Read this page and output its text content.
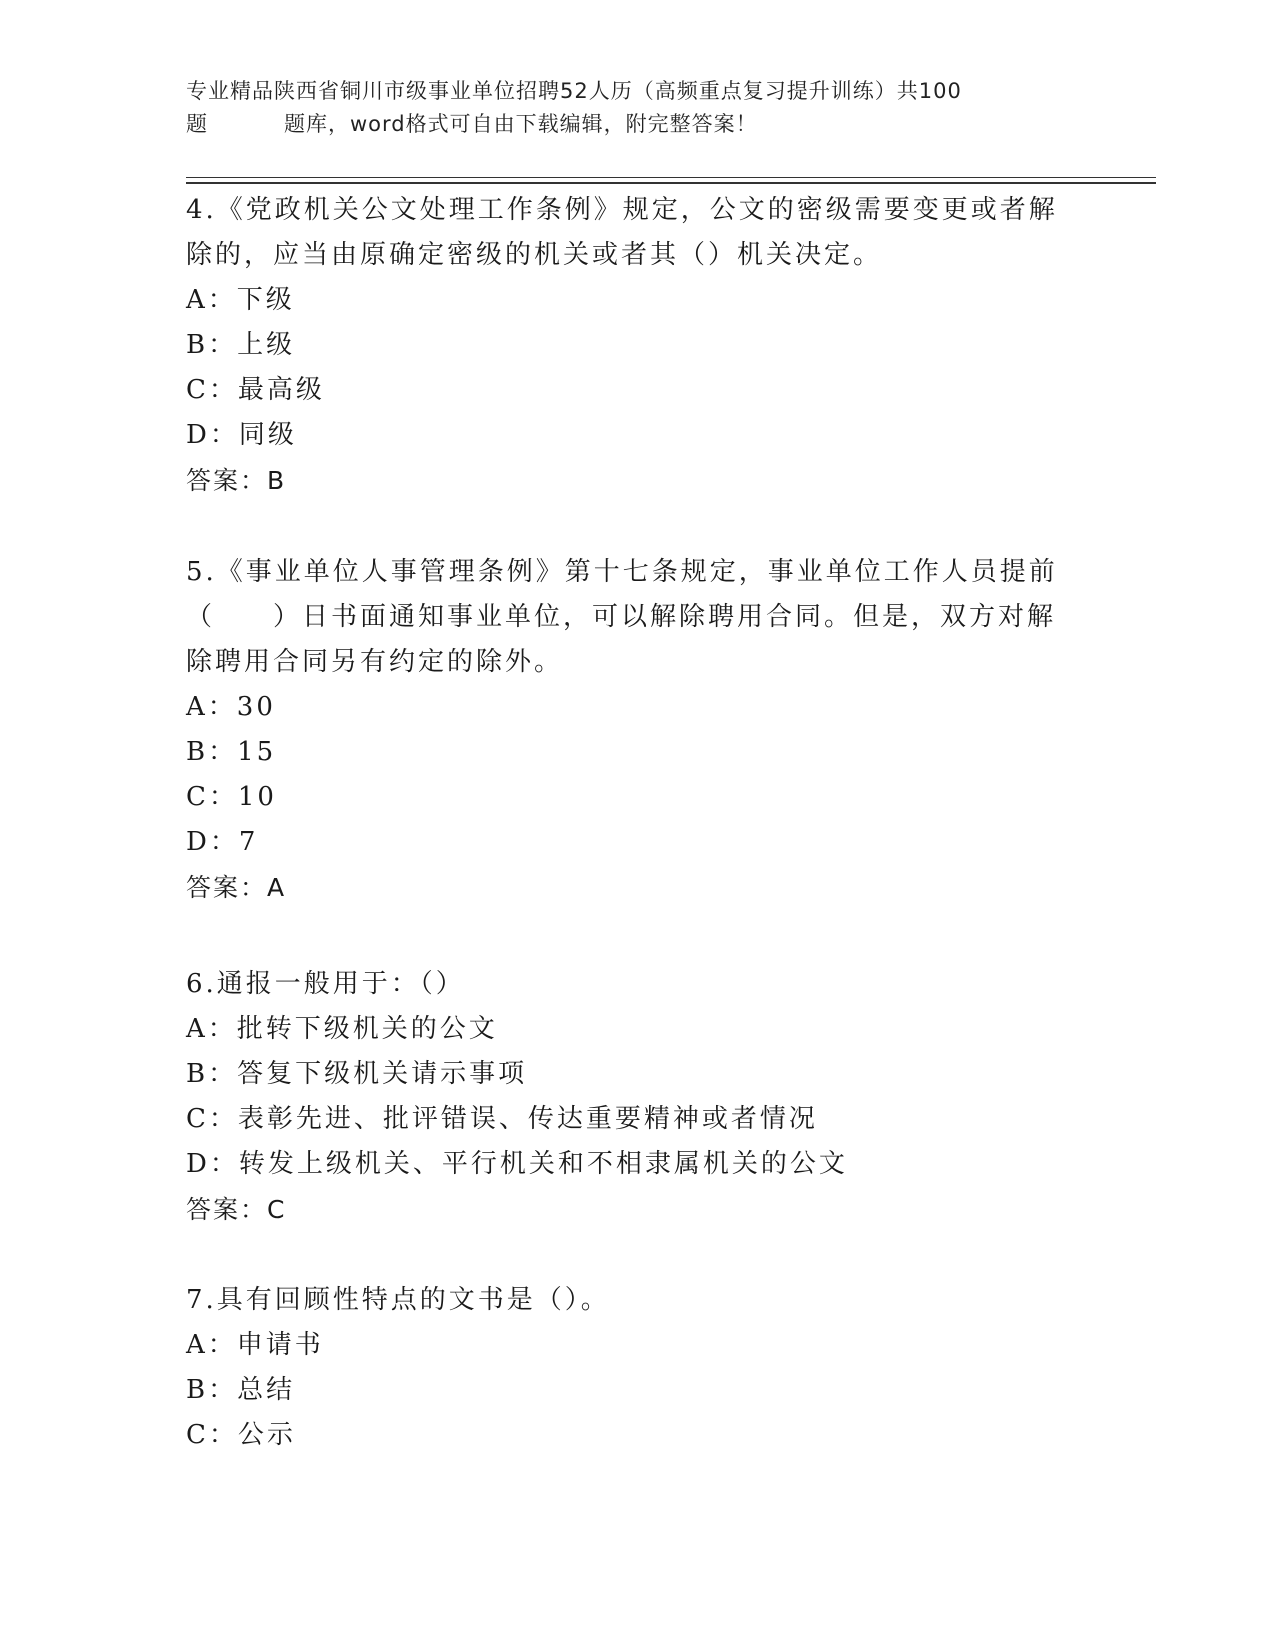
专业精品陕西省铜川市级事业单位招聘52人历（高频重点复习提升训练）共100
题	题库，word格式可自由下载编辑，附完整答案！
4.《党政机关公文处理工作条例》规定，公文的密级需要变更或者解
除的，应当由原确定密级的机关或者其（）机关决定。
A：下级
B：上级
C：最高级
D：同级
答案：B
5.《事业单位人事管理条例》第十七条规定，事业单位工作人员提前
（　　）日书面通知事业单位，可以解除聘用合同。但是，双方对解
除聘用合同另有约定的除外。
A：30
B：15
C：10
D：7
答案：A
6.通报一般用于：（）
A：批转下级机关的公文
B：答复下级机关请示事项
C：表彰先进、批评错误、传达重要精神或者情况
D：转发上级机关、平行机关和不相隶属机关的公文
答案：C
7.具有回顾性特点的文书是（）。
A：申请书
B：总结
C：公示
